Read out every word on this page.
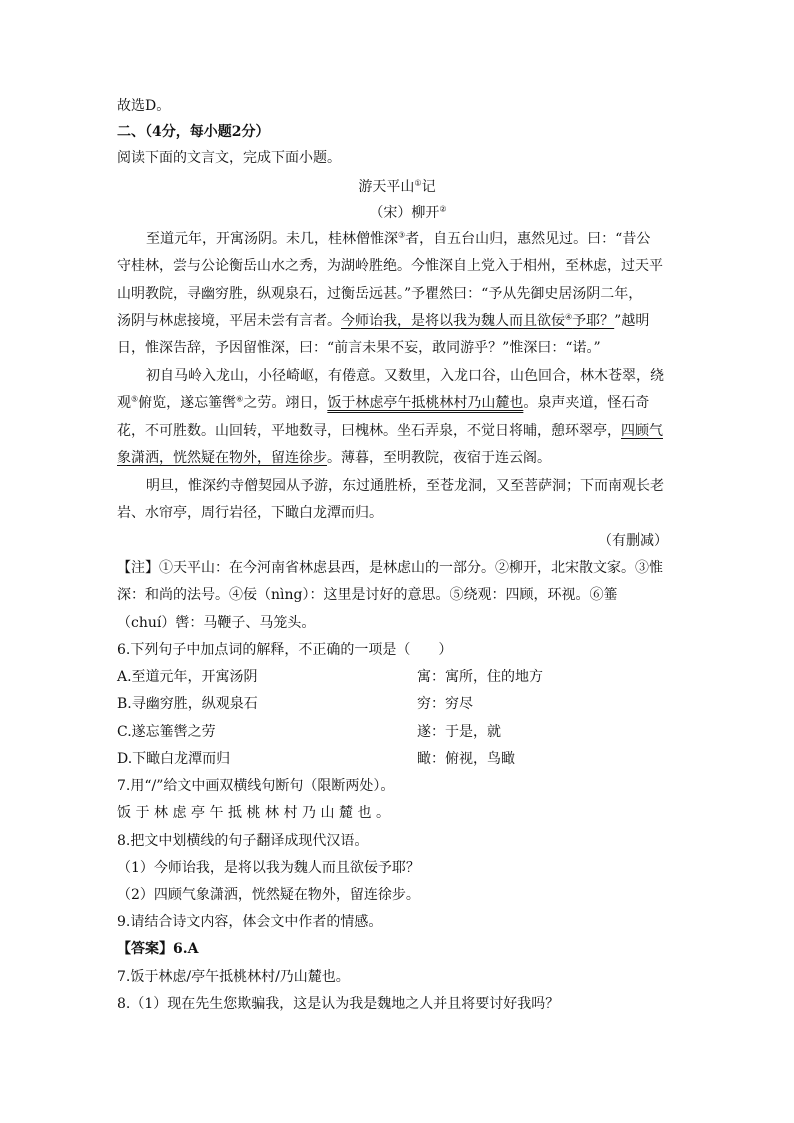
故选D。
二、（4分，每小题2分）
阅读下面的文言文，完成下面小题。
游天平山①记
（宋）柳开②
至道元年，开寓汤阴。未几，桂林僧惟深③者，自五台山归，惠然见过。曰：“昔公
守桂林，尝与公论衡岳山水之秀，为湖岭胜绝。今惟深自上党入于相州，至林虑，过天平
山明教院，寻幽穷胜，纵观泉石，过衡岳远甚。”予瞿然曰：“予从先御史居汤阴二年，
汤阴与林虑接境，平居未尝有言者。今师诒我，是将以我为魏人而且欲佞④予耶？”越明
日，惟深告辞，予因留惟深，曰：“前言未果不妄，敢同游乎？”惟深曰：“诺。”
初自马岭入龙山，小径崎岖，有倦意。又数里，入龙口谷，山色回合，林木苍翠，绕
观⑤俯览，遂忘箠辔⑥之劳。翊日，饭于林虑亭午抵桃林村乃山麓也。泉声夹道，怪石奇
花，不可胜数。山回转，平地数寻，曰槐林。坐石弄泉，不觉日将晡，憩环翠亭，四顾气
象潇洒，恍然疑在物外，留连徐步。薄暮，至明教院，夜宿于连云阁。
明旦，惟深约寺僧契园从予游，东过通胜桥，至苍龙洞，又至菩萨洞；下而南观长老
岩、水帘亭，周行岩径，下瞰白龙潭而归。
（有删减）
【注】①天平山：在今河南省林虑县西，是林虑山的一部分。②柳开，北宋散文家。③惟
深：和尚的法号。④佞（nìng）：这里是讨好的意思。⑤绕观：四顾，环视。⑥箠
（chuí）辔：马鞭子、马笼头。
6.下列句子中加点词的解释，不正确的一项是（　　）
A.至道元年，开寓汤阴	寓：寓所，住的地方
B.寻幽穷胜，纵观泉石	穷：穷尽
C.遂忘箠辔之劳	遂：于是，就
D.下瞰白龙潭而归	瞰：俯视，鸟瞰
7.用“/”给文中画双横线句断句（限断两处）。
饭于林虑亭午抵桃林村乃山麓也。
8.把文中划横线的句子翻译成现代汉语。
（1）今师诒我，是将以我为魏人而且欲佞予耶？
（2）四顾气象潇洒，恍然疑在物外，留连徐步。
9.请结合诗文内容，体会文中作者的情感。
【答案】6.A
7.饭于林虑/亭午抵桃林村/乃山麓也。
8.（1）现在先生您欺骗我，这是认为我是魏地之人并且将要讨好我吗？
